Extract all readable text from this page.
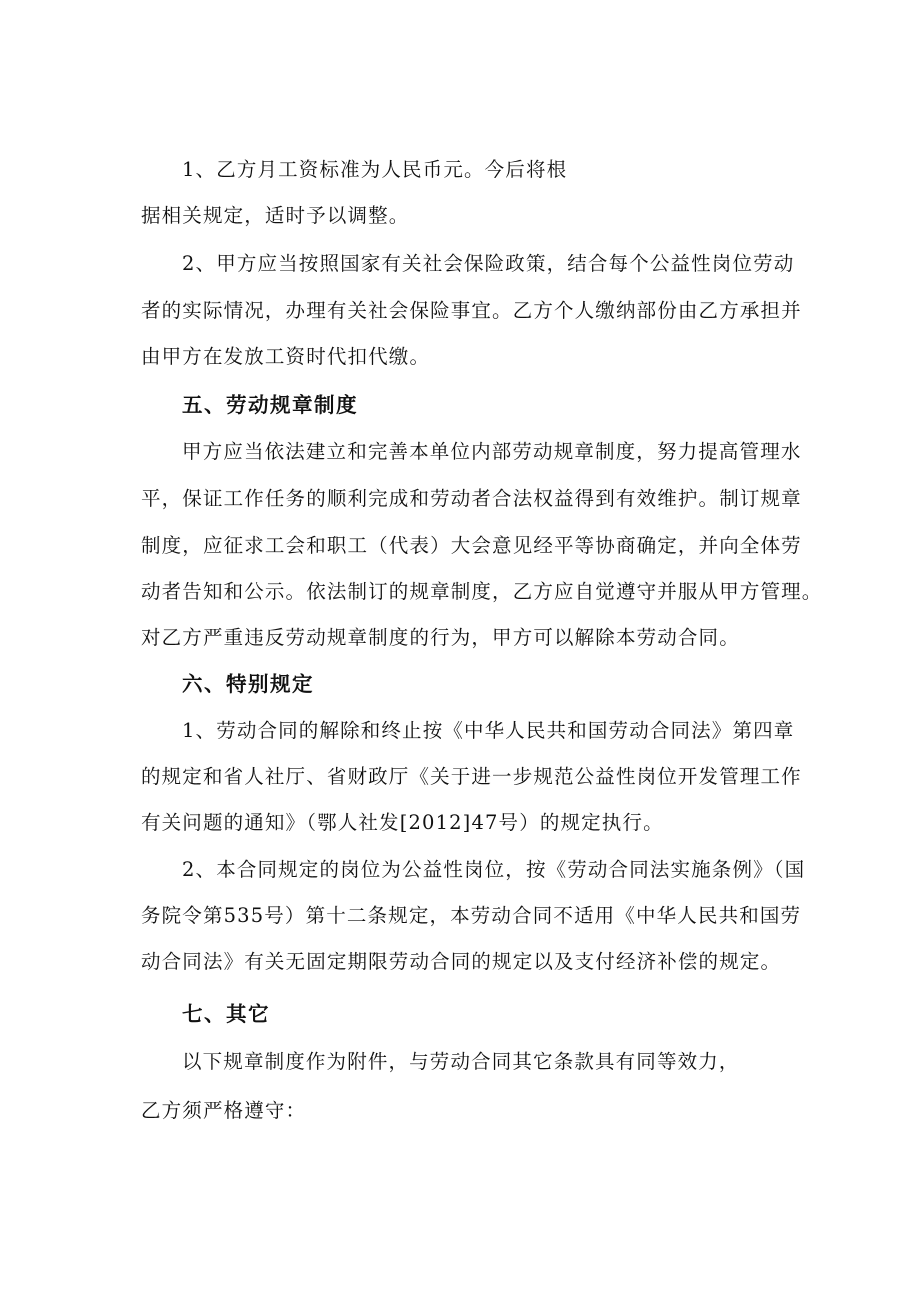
1、乙方月工资标准为人民币元。今后将根
据相关规定，适时予以调整。
2、甲方应当按照国家有关社会保险政策，结合每个公益性岗位劳动
者的实际情况，办理有关社会保险事宜。乙方个人缴纳部份由乙方承担并
由甲方在发放工资时代扣代缴。
五、劳动规章制度
甲方应当依法建立和完善本单位内部劳动规章制度，努力提高管理水
平，保证工作任务的顺利完成和劳动者合法权益得到有效维护。制订规章
制度，应征求工会和职工（代表）大会意见经平等协商确定，并向全体劳
动者告知和公示。依法制订的规章制度，乙方应自觉遵守并服从甲方管理。
对乙方严重违反劳动规章制度的行为，甲方可以解除本劳动合同。
六、特别规定
1、劳动合同的解除和终止按《中华人民共和国劳动合同法》第四章
的规定和省人社厅、省财政厅《关于进一步规范公益性岗位开发管理工作
有关问题的通知》（鄂人社发[2012]47号）的规定执行。
2、本合同规定的岗位为公益性岗位，按《劳动合同法实施条例》（国
务院令第535号）第十二条规定，本劳动合同不适用《中华人民共和国劳
动合同法》有关无固定期限劳动合同的规定以及支付经济补偿的规定。
七、其它
以下规章制度作为附件，与劳动合同其它条款具有同等效力，
乙方须严格遵守：
